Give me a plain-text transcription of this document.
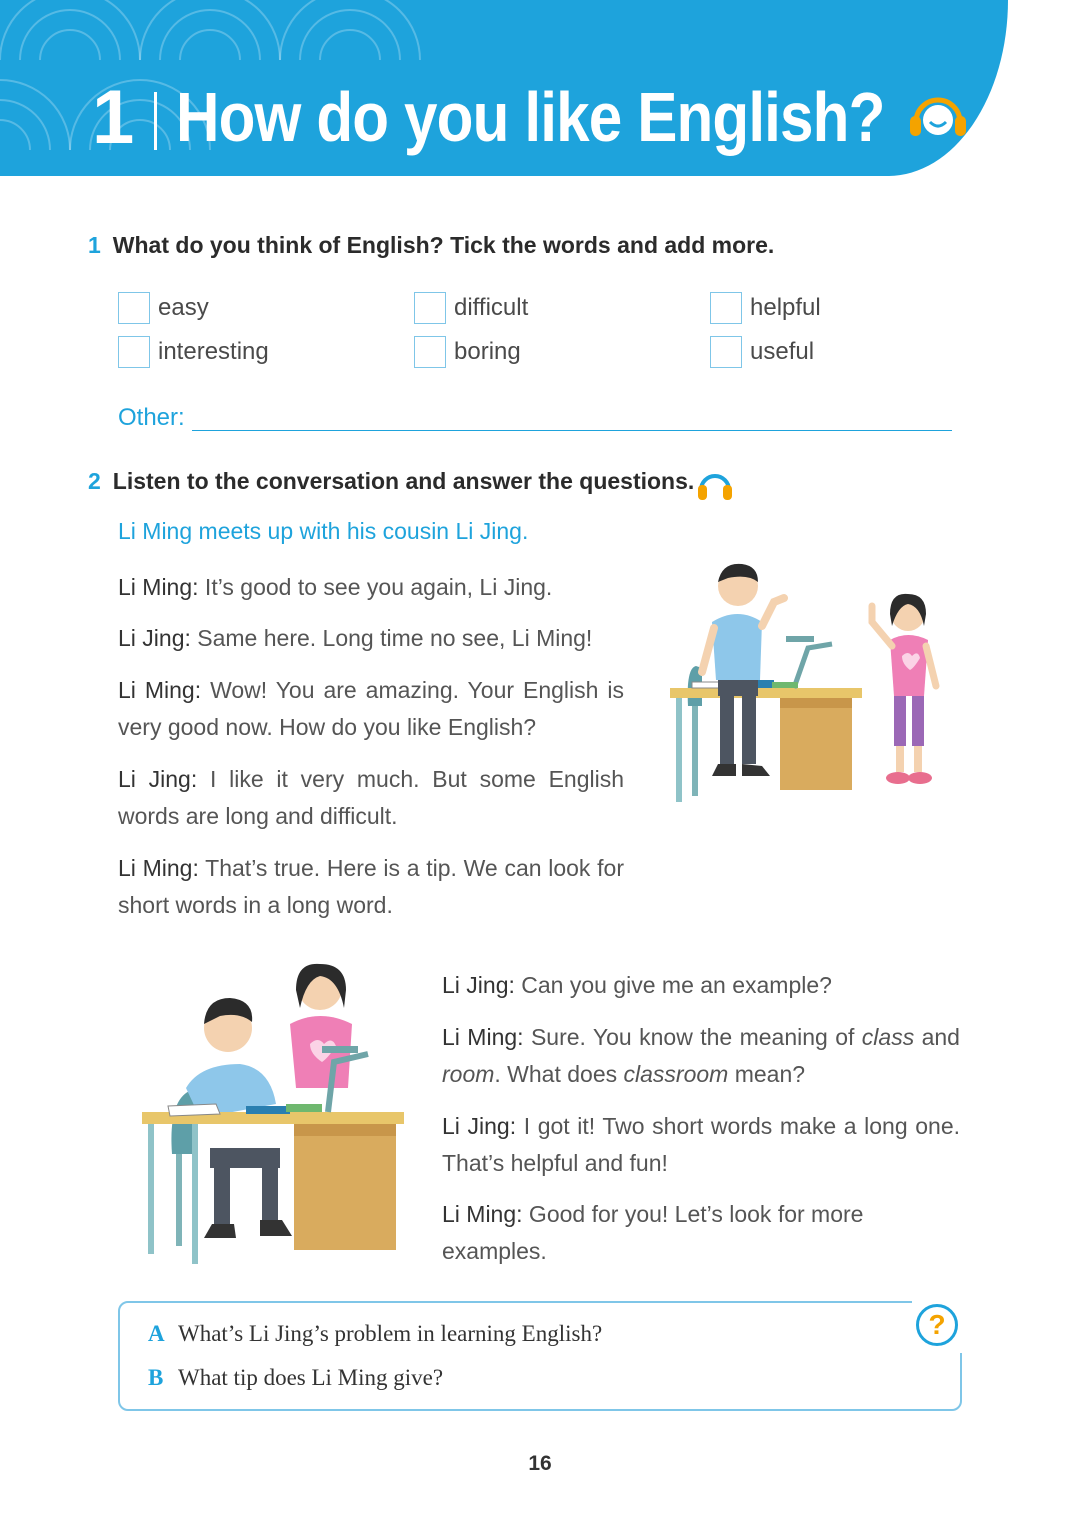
1 How do you like English?
1 What do you think of English? Tick the words and add more.
easy	difficult	helpful
interesting	boring	useful
Other:
2 Listen to the conversation and answer the questions.
Li Ming meets up with his cousin Li Jing.
Li Ming : It’s good to see you again, Li Jing.
Li Jing : Same here. Long time no see, Li Ming!
Li Ming : Wow! You are amazing. Your English is very good now. How do you like English?
Li Jing : I like it very much. But some English words are long and difficult.
Li Ming : That’s true. Here is a tip. We can look for short words in a long word.
Li Jing : Can you give me an example?
Li Ming : Sure. You know the meaning of class and room. What does classroom mean?
Li Jing : I got it! Two short words make a long one. That’s helpful and fun!
Li Ming : Good for you! Let’s look for more examples.
?
A What’s Li Jing’s problem in learning English?
B What tip does Li Ming give?
16
